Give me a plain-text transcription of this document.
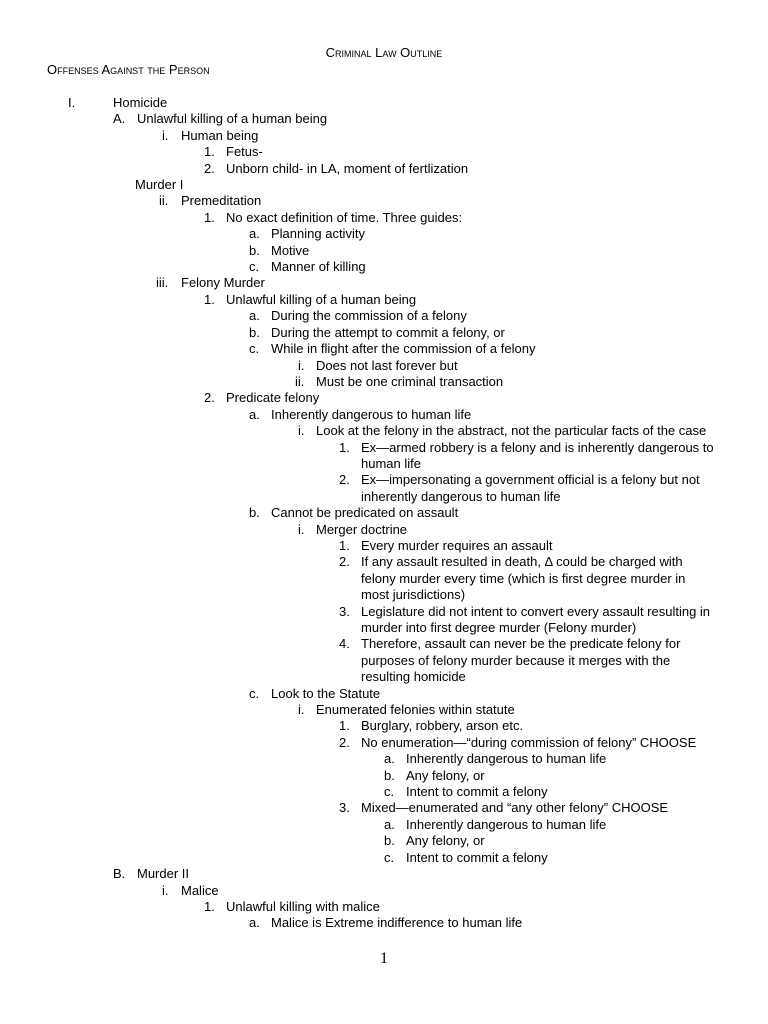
Criminal Law Outline
Offenses Against the Person
I.	Homicide
A. Unlawful killing of a human being
i. Human being
1. Fetus-
2. Unborn child- in LA, moment of fertlization
Murder I
ii. Premeditation
1. No exact definition of time. Three guides:
a. Planning activity
b. Motive
c. Manner of killing
iii. Felony Murder
1. Unlawful killing of a human being
a. During the commission of a felony
b. During the attempt to commit a felony, or
c. While in flight after the commission of a felony
i. Does not last forever but
ii. Must be one criminal transaction
2. Predicate felony
a. Inherently dangerous to human life
i. Look at the felony in the abstract, not the particular facts of the case
1. Ex—armed robbery is a felony and is inherently dangerous to human life
2. Ex—impersonating a government official is a felony but not inherently dangerous to human life
b. Cannot be predicated on assault
i. Merger doctrine
1. Every murder requires an assault
2. If any assault resulted in death, Δ could be charged with felony murder every time (which is first degree murder in most jurisdictions)
3. Legislature did not intent to convert every assault resulting in murder into first degree murder (Felony murder)
4. Therefore, assault can never be the predicate felony for purposes of felony murder because it merges with the resulting homicide
c. Look to the Statute
i. Enumerated felonies within statute
1. Burglary, robbery, arson etc.
2. No enumeration—“during commission of felony” CHOOSE
a. Inherently dangerous to human life
b. Any felony, or
c. Intent to commit a felony
3. Mixed—enumerated and “any other felony” CHOOSE
a. Inherently dangerous to human life
b. Any felony, or
c. Intent to commit a felony
B. Murder II
i. Malice
1. Unlawful killing with malice
a. Malice is Extreme indifference to human life
1
